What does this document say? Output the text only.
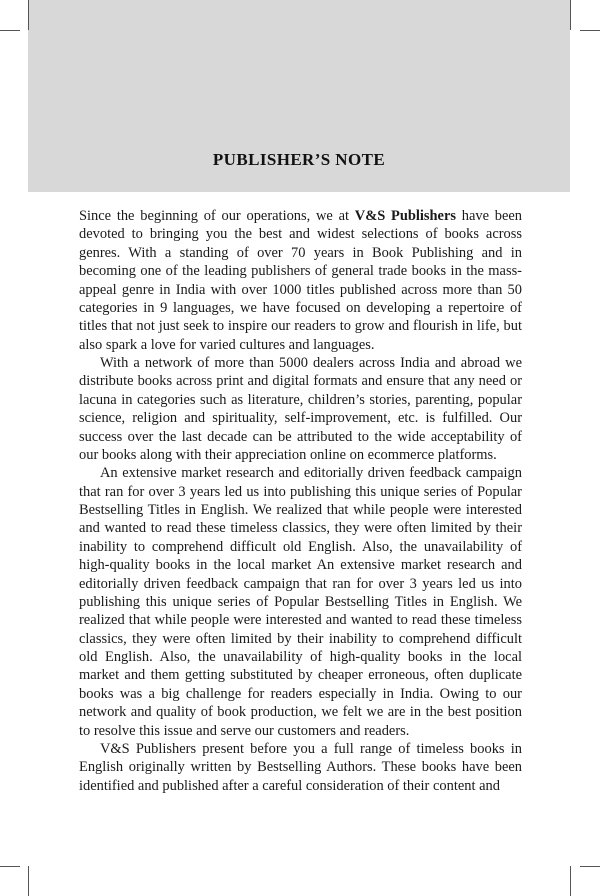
PUBLISHER’S NOTE

Since the beginning of our operations, we at V&S Publishers have been devoted to bringing you the best and widest selections of books across genres. With a standing of over 70 years in Book Publishing and in becoming one of the leading publishers of general trade books in the mass-appeal genre in India with over 1000 titles published across more than 50 categories in 9 languages, we have focused on developing a repertoire of titles that not just seek to inspire our readers to grow and flourish in life, but also spark a love for varied cultures and languages.

With a network of more than 5000 dealers across India and abroad we distribute books across print and digital formats and ensure that any need or lacuna in categories such as literature, children’s stories, parenting, popular science, religion and spirituality, self-improvement, etc. is fulfilled. Our success over the last decade can be attributed to the wide acceptability of our books along with their appreciation online on ecommerce platforms.

An extensive market research and editorially driven feedback campaign that ran for over 3 years led us into publishing this unique series of Popular Bestselling Titles in English. We realized that while people were interested and wanted to read these timeless classics, they were often limited by their inability to comprehend difficult old English. Also, the unavailability of high-quality books in the local market An extensive market research and editorially driven feedback campaign that ran for over 3 years led us into publishing this unique series of Popular Bestselling Titles in English. We realized that while people were interested and wanted to read these timeless classics, they were often limited by their inability to comprehend difficult old English. Also, the unavailability of high-quality books in the local market and them getting substituted by cheaper erroneous, often duplicate books was a big challenge for readers especially in India. Owing to our network and quality of book production, we felt we are in the best position to resolve this issue and serve our customers and readers.

V&S Publishers present before you a full range of timeless books in English originally written by Bestselling Authors. These books have been identified and published after a careful consideration of their content and
